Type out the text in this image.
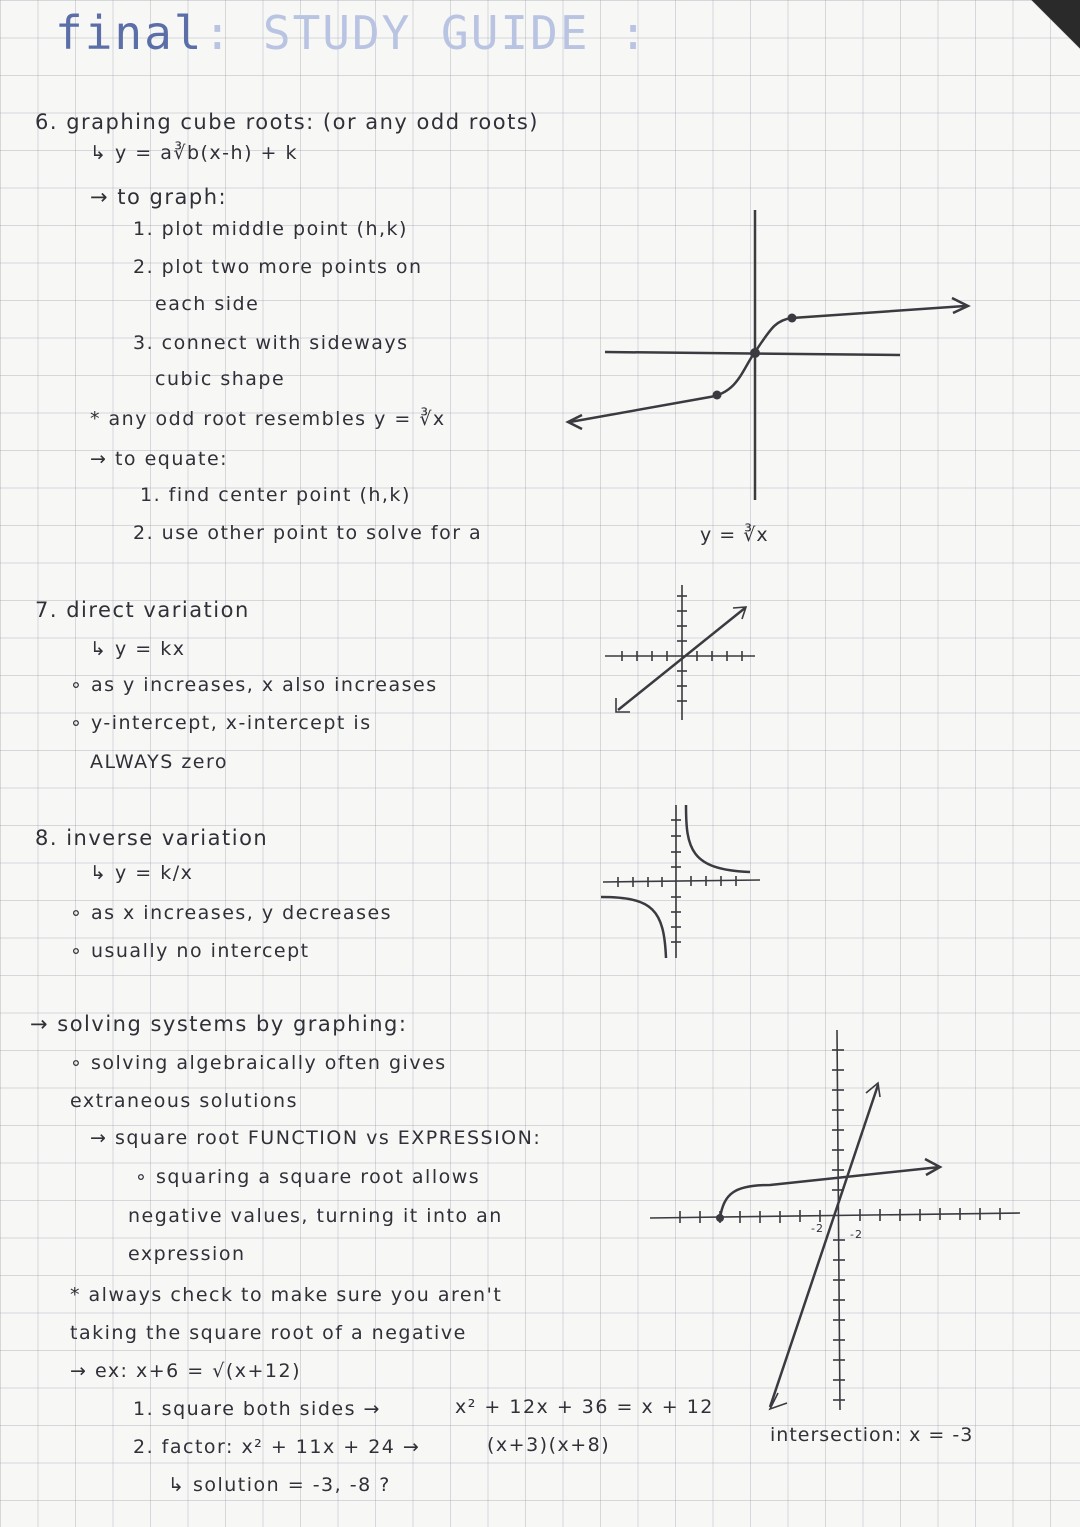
final: STUDY GUIDE :
6. graphing cube roots: (or any odd roots)
↳ y = a∛b(x-h) + k
→ to graph:
1. plot middle point (h,k)
2. plot two more points on
each side
3. connect with sideways
cubic shape
* any odd root resembles y = ∛x
→ to equate:
1. find center point (h,k)
2. use other point to solve for a	y = ∛x
7. direct variation
↳ y = kx
∘ as y increases, x also increases
∘ y-intercept, x-intercept is
ALWAYS zero
8. inverse variation
↳ y = k/x
∘ as x increases, y decreases
∘ usually no intercept
→ solving systems by graphing:
∘ solving algebraically often gives
extraneous solutions
→ square root FUNCTION vs EXPRESSION:
∘ squaring a square root allows
negative values, turning it into an
expression
* always check to make sure you aren't
taking the square root of a negative
→ ex: x+6 = √(x+12)
1. square both sides →	x² + 12x + 36 = x + 12
2. factor: x² + 11x + 24 →	(x+3)(x+8)
↳ solution = -3, -8 ?
-2 -2
intersection: x = -3
